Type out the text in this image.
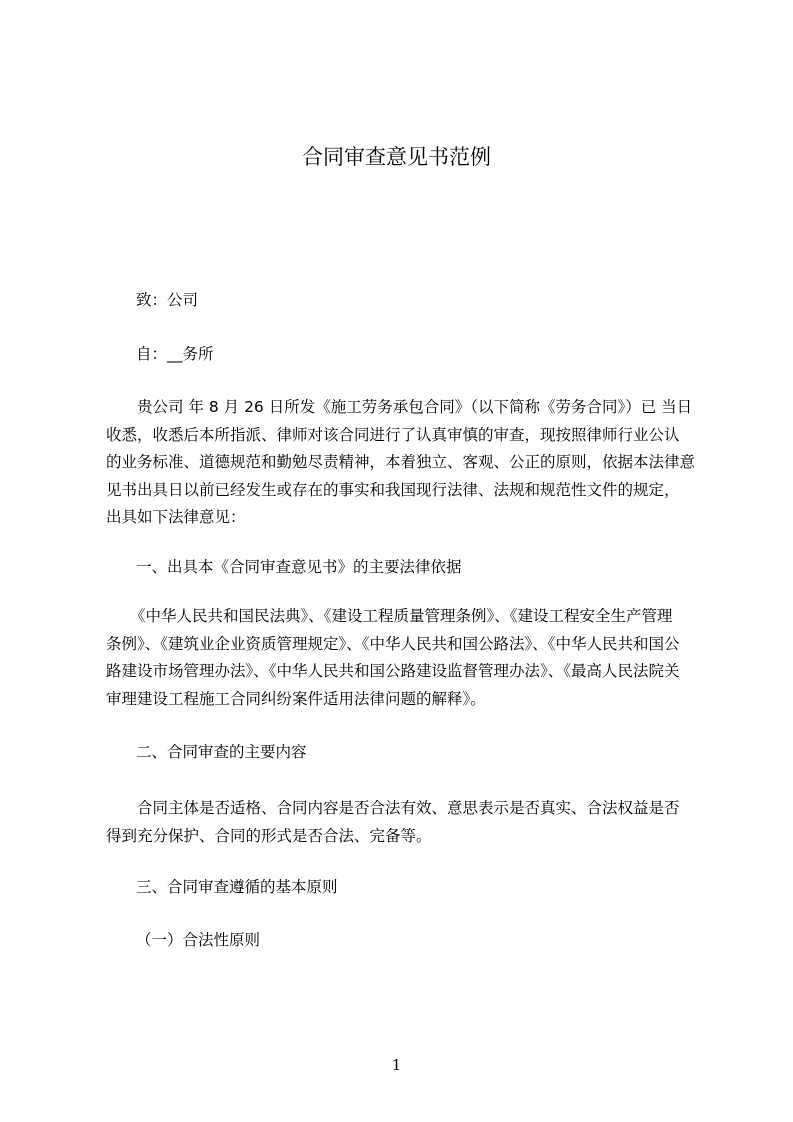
合同审查意见书范例
致：公司
自：__务所
贵公司 年 8 月 26 日所发《施工劳务承包合同》（以下简称《劳务合同》）已 当日
收悉，收悉后本所指派、律师对该合同进行了认真审慎的审查，现按照律师行业公认
的业务标准、道德规范和勤勉尽责精神，本着独立、客观、公正的原则，依据本法律意
见书出具日以前已经发生或存在的事实和我国现行法律、法规和规范性文件的规定，
出具如下法律意见：
一、出具本《合同审查意见书》的主要法律依据
《中华人民共和国民法典》、《建设工程质量管理条例》、《建设工程安全生产管理
条例》、《建筑业企业资质管理规定》、《中华人民共和国公路法》、《中华人民共和国公
路建设市场管理办法》、《中华人民共和国公路建设监督管理办法》、《最高人民法院关
审理建设工程施工合同纠纷案件适用法律问题的解释》。
二、合同审查的主要内容
合同主体是否适格、合同内容是否合法有效、意思表示是否真实、合法权益是否
得到充分保护、合同的形式是否合法、完备等。
三、合同审查遵循的基本原则
（一）合法性原则
1
